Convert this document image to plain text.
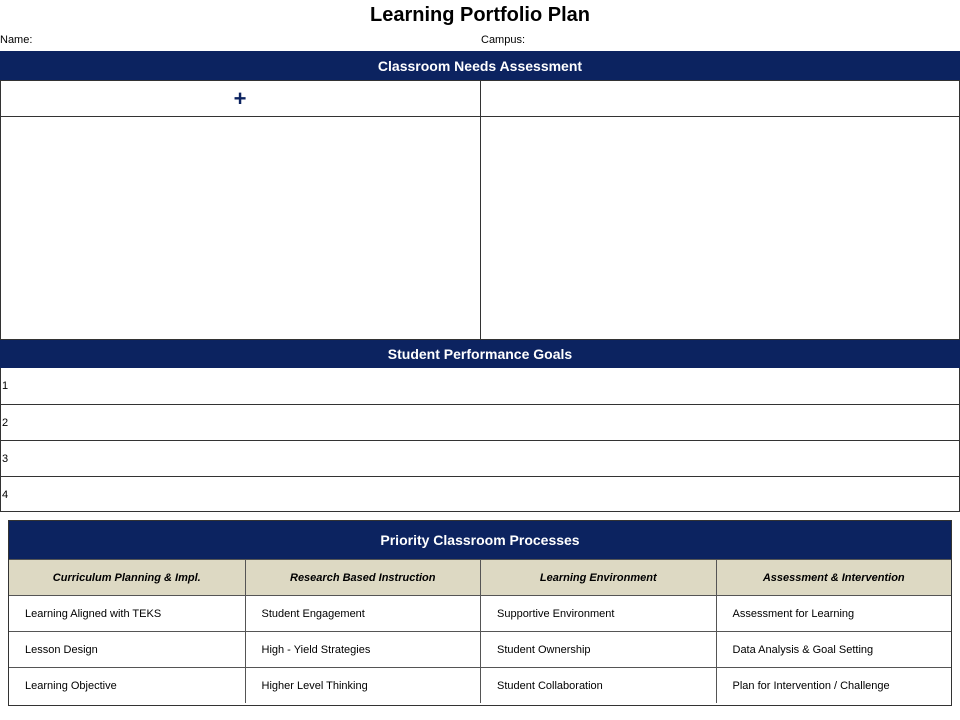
Learning Portfolio Plan
Name:	Campus:
Classroom Needs Assessment
+
Student Performance Goals
1
2
3
4
Priority Classroom Processes
Curriculum Planning & Impl.	Research Based Instruction	Learning Environment	Assessment & Intervention
Learning Aligned with TEKS	Student Engagement	Supportive Environment	Assessment for Learning
Lesson Design	High - Yield Strategies	Student Ownership	Data Analysis & Goal Setting
Learning Objective	Higher Level Thinking	Student Collaboration	Plan for Intervention / Challenge
